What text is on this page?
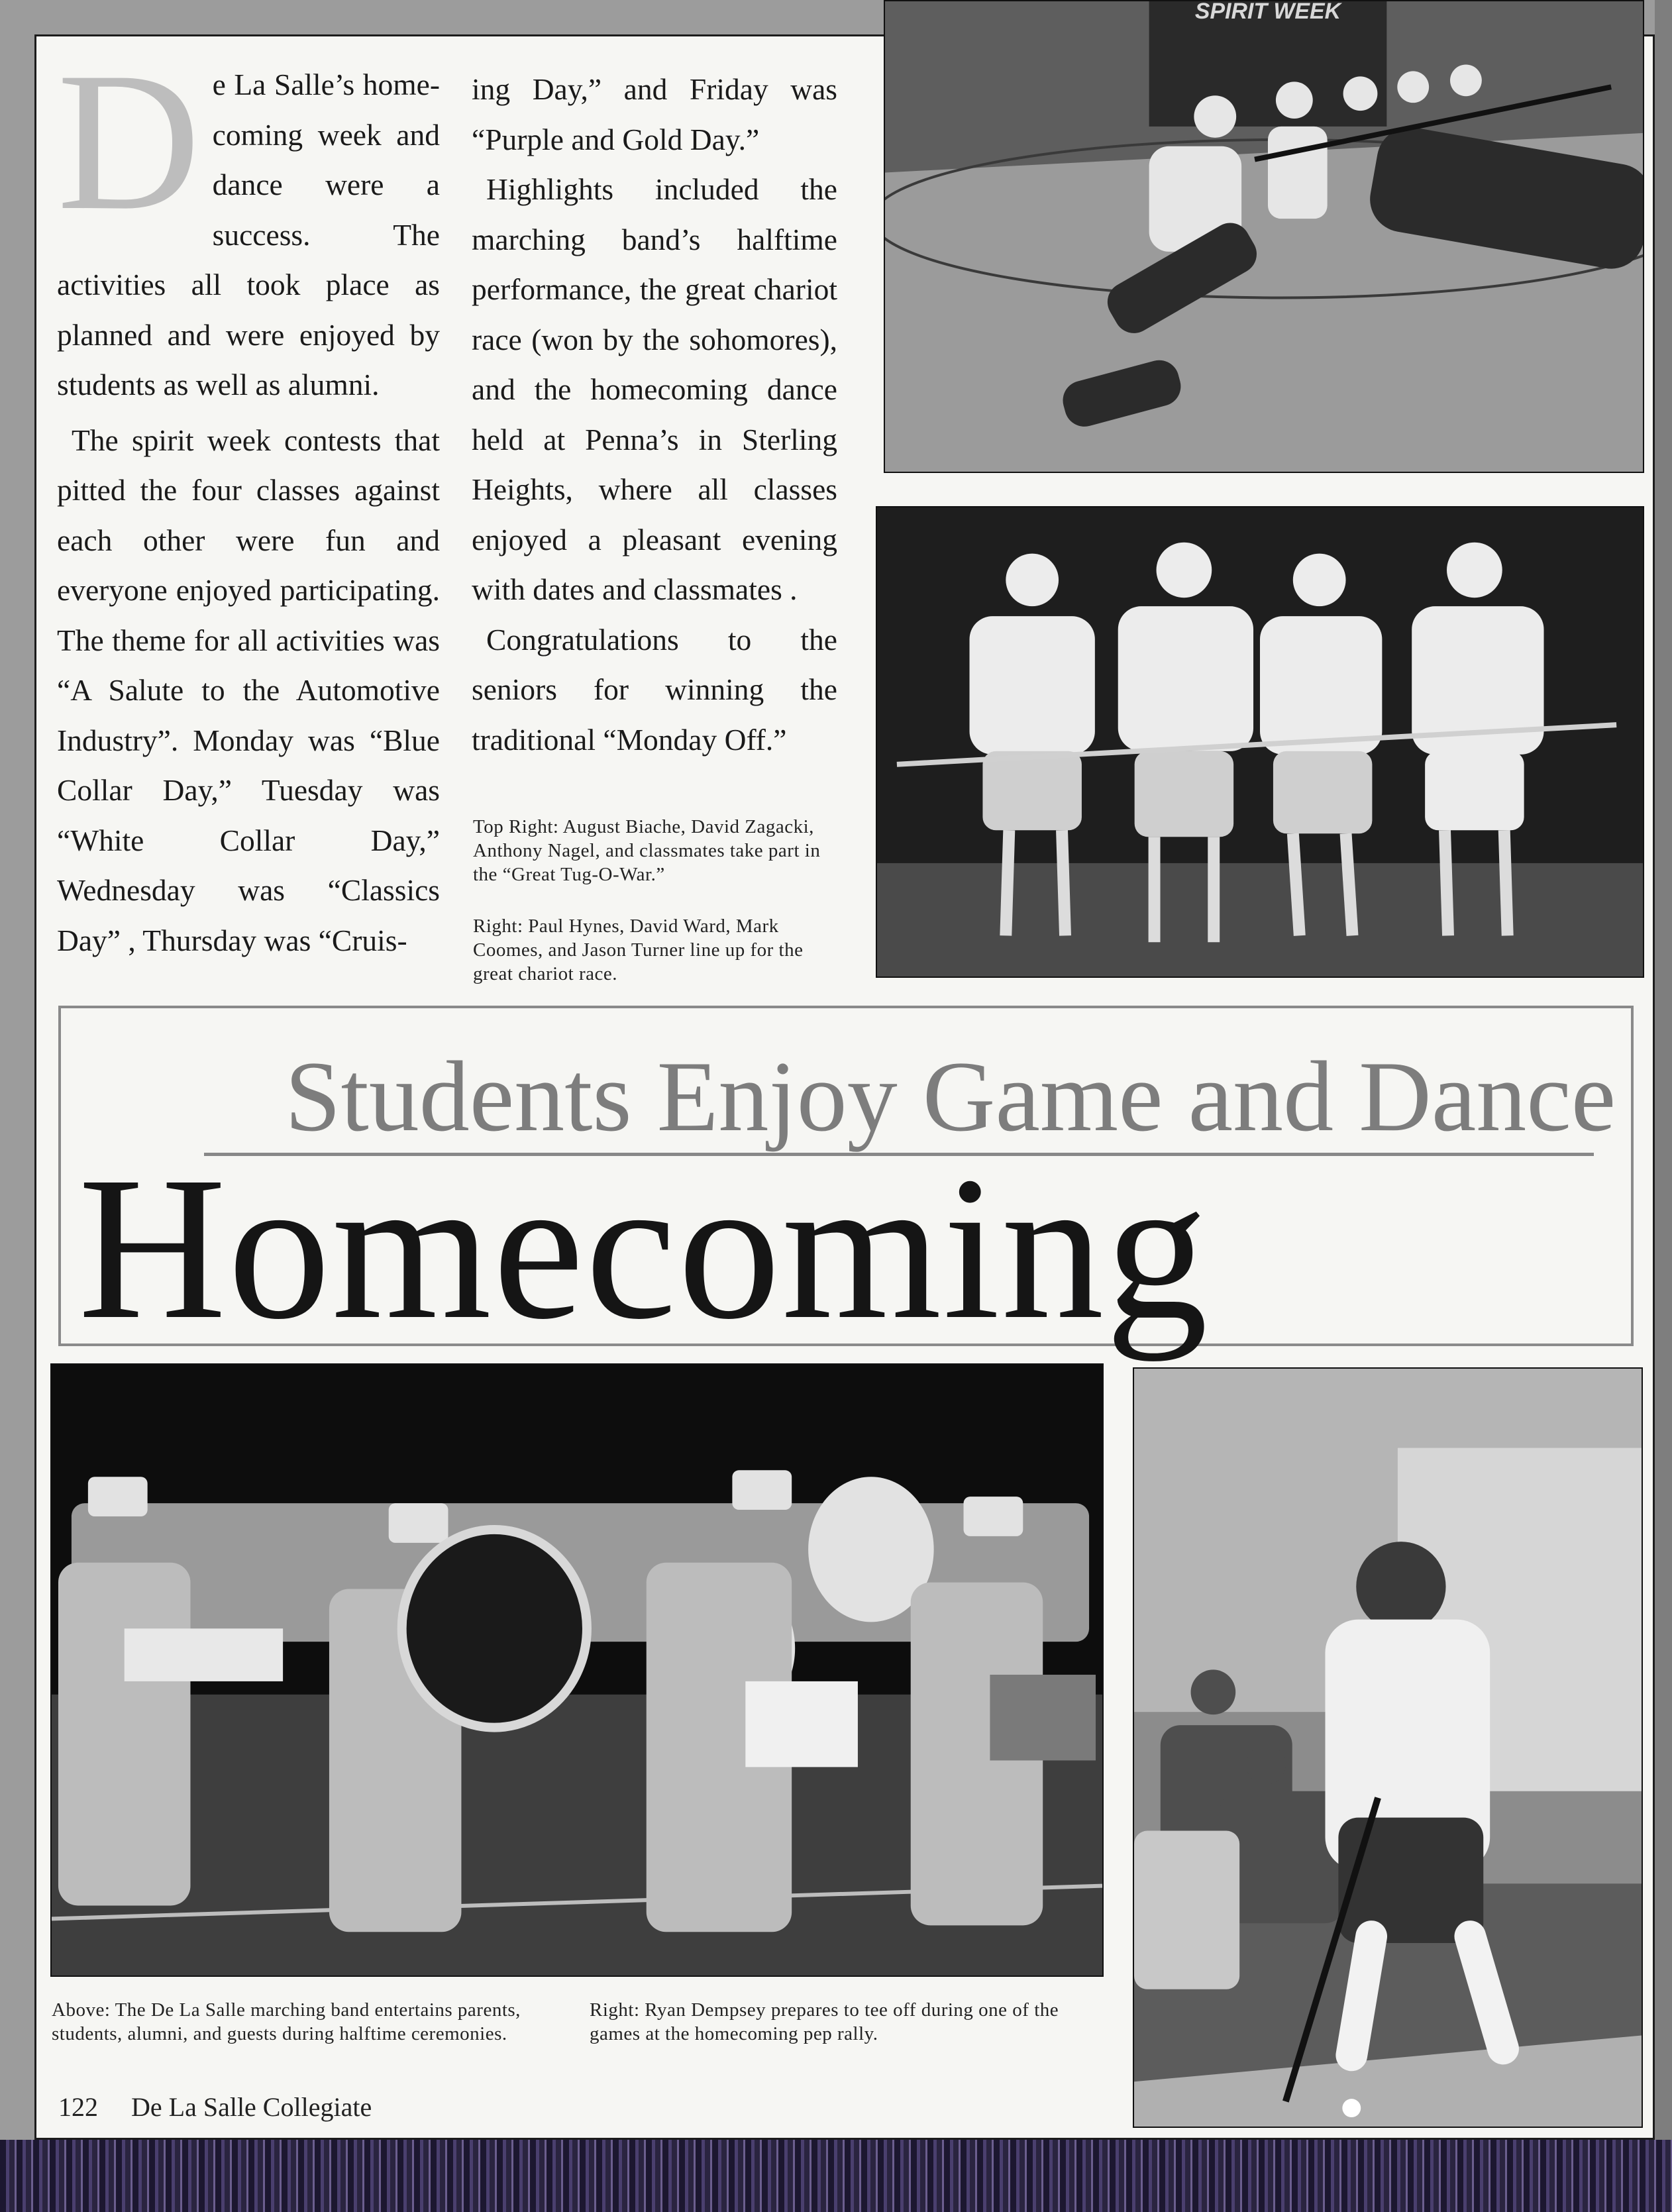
D e La Salle’s home- coming week and dance were a success. The activities all took place as planned and were enjoyed by students as well as alumni.

The spirit week contests that pitted the four classes against each other were fun and everyone enjoyed participating. The theme for all activities was “A Salute to the Automotive Industry”. Monday was “Blue Collar Day,” Tuesday was “White Collar Day,” Wednesday was “Classics Day” , Thursday was “Cruis-

ing Day,” and Friday was “Purple and Gold Day.”

Highlights included the marching band’s halftime performance, the great chariot race (won by the sohomores), and the homecoming dance held at Penna’s in Sterling Heights, where all classes enjoyed a pleasant evening with dates and classmates .

Congratulations to the seniors for winning the traditional “Monday Off.”

Top Right: August Biache, David Zagacki, Anthony Nagel, and classmates take part in the “Great Tug-O-War.”
Right: Paul Hynes, David Ward, Mark Coomes, and Jason Turner line up for the great chariot race.
SPIRIT WEEK
Students Enjoy Game and Dance
Homecoming
Above: The De La Salle marching band entertains parents, students, alumni, and guests during halftime ceremonies.
Right: Ryan Dempsey prepares to tee off during one of the games at the homecoming pep rally.
122 De La Salle Collegiate
